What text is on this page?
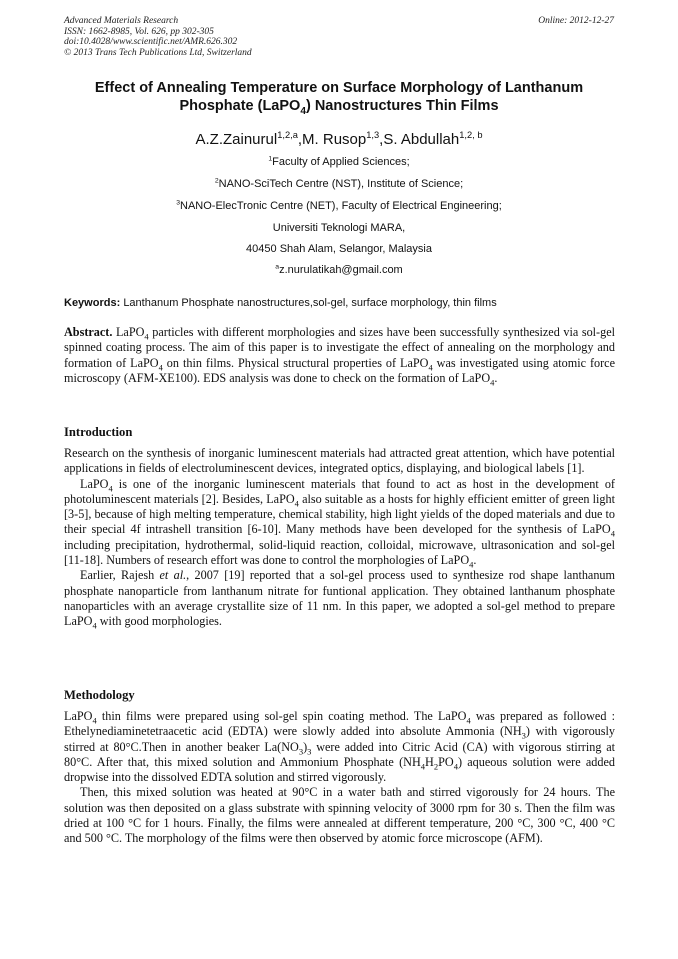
Advanced Materials Research
ISSN: 1662-8985, Vol. 626, pp 302-305
doi:10.4028/www.scientific.net/AMR.626.302
© 2013 Trans Tech Publications Ltd, Switzerland
Online: 2012-12-27
Effect of Annealing Temperature on Surface Morphology of Lanthanum
Phosphate (LaPO$_4$) Nanostructures Thin Films
A.Z.Zainurul$^{1,2,a}$,M. Rusop$^{1,3}$,S. Abdullah$^{1,2, b}$
$^1$Faculty of Applied Sciences;
$^2$NANO-SciTech Centre (NST), Institute of Science;
$^3$NANO-ElecTronic Centre (NET), Faculty of Electrical Engineering;
Universiti Teknologi MARA,
40450 Shah Alam, Selangor, Malaysia
$^a$z.nurulatikah@gmail.com
Keywords: Lanthanum Phosphate nanostructures,sol-gel, surface morphology, thin films

Abstract. LaPO$_4$ particles with different morphologies and sizes have been successfully synthesized via sol-gel spinned coating process. The aim of this paper is to investigate the effect of annealing on the morphology and formation of LaPO$_4$ on thin films. Physical structural properties of LaPO$_4$ was investigated using atomic force microscopy (AFM-XE100). EDS analysis was done to check on the formation of LaPO$_4$.

Introduction

Research on the synthesis of inorganic luminescent materials had attracted great attention, which have potential applications in fields of electroluminescent devices, integrated optics, displaying, and biological labels [1].

LaPO$_4$ is one of the inorganic luminescent materials that found to act as host in the development of photoluminescent materials [2]. Besides, LaPO$_4$ also suitable as a hosts for highly efficient emitter of green light [3-5], because of high melting temperature, chemical stability, high light yields of the doped materials and due to their special 4f intrashell transition [6-10]. Many methods have been developed for the synthesis of LaPO$_4$ including precipitation, hydrothermal, solid-liquid reaction, colloidal, microwave, ultrasonication and sol-gel [11-18]. Numbers of research effort was done to control the morphologies of LaPO$_4$.

Earlier, Rajesh et al., 2007 [19] reported that a sol-gel process used to synthesize rod shape lanthanum phosphate nanoparticle from lanthanum nitrate for funtional application. They obtained lanthanum phosphate nanoparticles with an average crystallite size of 11 nm. In this paper, we adopted a sol-gel method to prepare LaPO$_4$ with good morphologies.

Methodology

LaPO$_4$ thin films were prepared using sol-gel spin coating method. The LaPO$_4$ was prepared as followed : Ethelynediaminetetraacetic acid (EDTA) were slowly added into absolute Ammonia $(NH_3)$ with vigorously stirred at 80°C.Then in another beaker $La(NO_3)_3$ were added into Citric Acid (CA) with vigorous stirring at 80°C. After that, this mixed solution and Ammonium Phosphate $(NH_4H_2PO_4)$ aqueous solution were added dropwise into the dissolved EDTA solution and stirred vigorously.

Then, this mixed solution was heated at 90°C in a water bath and stirred vigorously for 24 hours. The solution was then deposited on a glass substrate with spinning velocity of 3000 rpm for 30 s. Then the film was dried at 100 °C for 1 hours. Finally, the films were annealed at different temperature, 200 °C, 300 °C, 400 °C and 500 °C. The morphology of the films were then observed by atomic force microscope (AFM).
